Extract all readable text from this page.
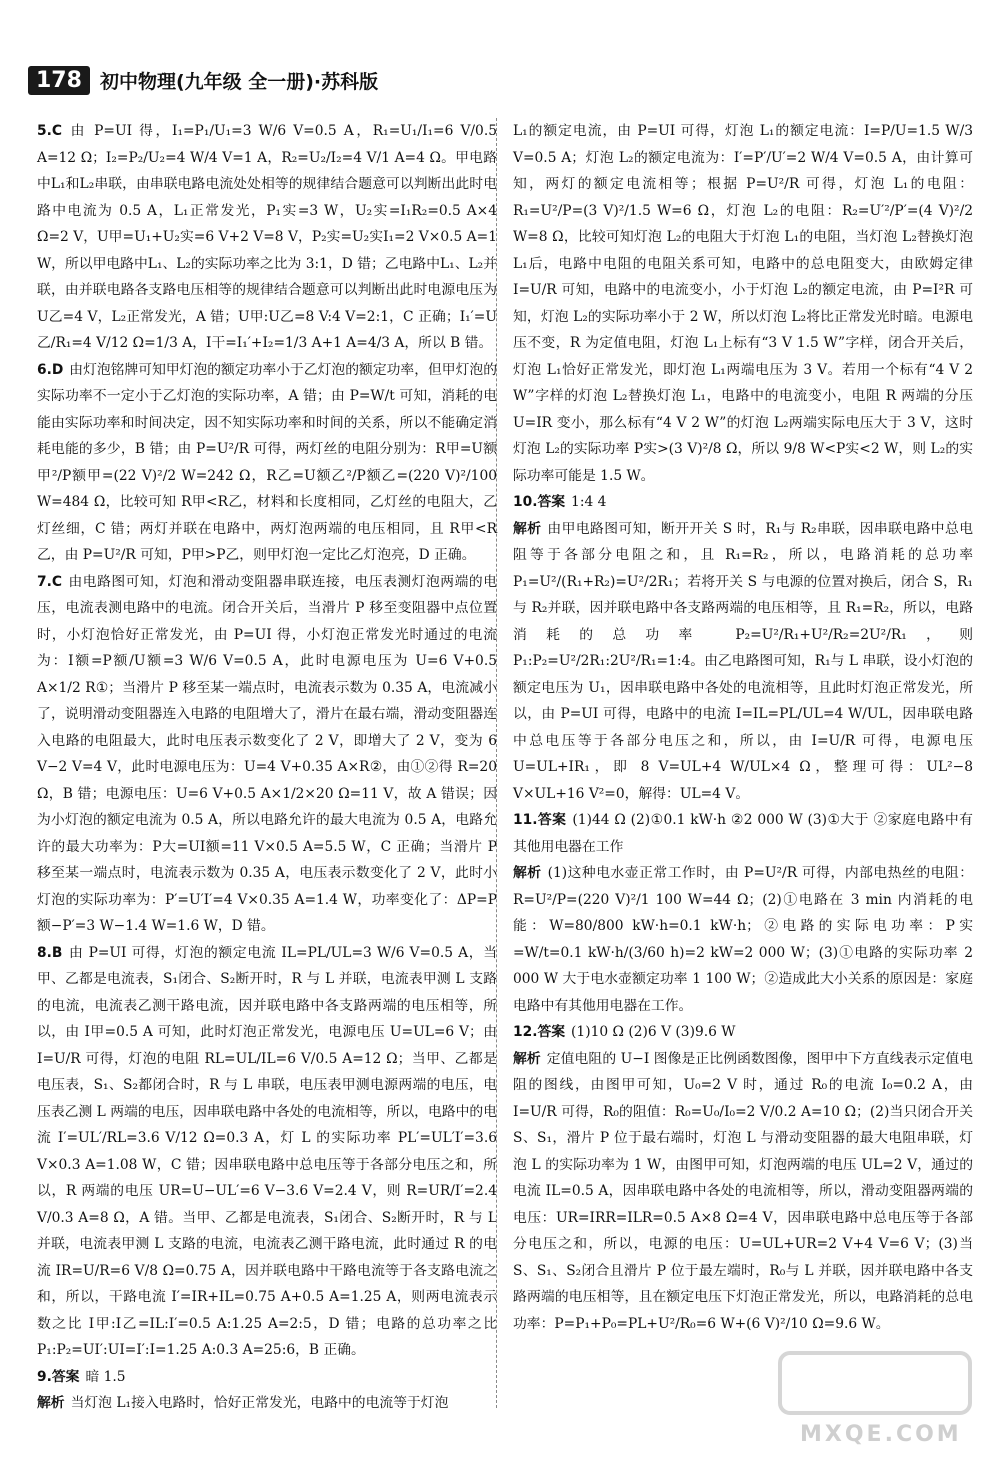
178 初中物理(九年级 全一册)·苏科版

5.C 由 P=UI 得，I₁=P₁/U₁=3 W/6 V=0.5 A，R₁=U₁/I₁=6 V/0.5 A=12 Ω；I₂=P₂/U₂=4 W/4 V=1 A，R₂=U₂/I₂=4 V/1 A=4 Ω。甲电路中L₁和L₂串联，由串联电路电流处处相等的规律结合题意可以判断出此时电路中电流为 0.5 A，L₁正常发光，P₁实=3 W，U₂实=I₁R₂=0.5 A×4 Ω=2 V，U甲=U₁+U₂实=6 V+2 V=8 V，P₂实=U₂实I₁=2 V×0.5 A=1 W，所以甲电路中L₁、L₂的实际功率之比为 3:1，D 错；乙电路中L₁、L₂并联，由并联电路各支路电压相等的规律结合题意可以判断出此时电源电压为 U乙=4 V，L₂正常发光，A 错；U甲:U乙=8 V:4 V=2:1，C 正确；I₁′=U乙/R₁=4 V/12 Ω=1/3 A，I干=I₁′+I₂=1/3 A+1 A=4/3 A，所以 B 错。

6.D 由灯泡铭牌可知甲灯泡的额定功率小于乙灯泡的额定功率，但甲灯泡的实际功率不一定小于乙灯泡的实际功率，A 错；由 P=W/t 可知，消耗的电能由实际功率和时间决定，因不知实际功率和时间的关系，所以不能确定消耗电能的多少，B 错；由 P=U²/R 可得，两灯丝的电阻分别为：R甲=U额甲²/P额甲=(22 V)²/2 W=242 Ω，R乙=U额乙²/P额乙=(220 V)²/100 W=484 Ω，比较可知 R甲<R乙，材料和长度相同，乙灯丝的电阻大，乙灯丝细，C 错；两灯并联在电路中，两灯泡两端的电压相同，且 R甲<R乙，由 P=U²/R 可知，P甲>P乙，则甲灯泡一定比乙灯泡亮，D 正确。

7.C 由电路图可知，灯泡和滑动变阻器串联连接，电压表测灯泡两端的电压，电流表测电路中的电流。闭合开关后，当滑片 P 移至变阻器中点位置时，小灯泡恰好正常发光，由 P=UI 得，小灯泡正常发光时通过的电流为：I额=P额/U额=3 W/6 V=0.5 A，此时电源电压为 U=6 V+0.5 A×1/2 R①；当滑片 P 移至某一端点时，电流表示数为 0.35 A，电流减小了，说明滑动变阻器连入电路的电阻增大了，滑片在最右端，滑动变阻器连入电路的电阻最大，此时电压表示数变化了 2 V，即增大了 2 V，变为 6 V−2 V=4 V，此时电源电压为：U=4 V+0.35 A×R②，由①②得 R=20 Ω，B 错；电源电压：U=6 V+0.5 A×1/2×20 Ω=11 V，故 A 错误；因为小灯泡的额定电流为 0.5 A，所以电路允许的最大电流为 0.5 A，电路允许的最大功率为：P大=UI额=11 V×0.5 A=5.5 W，C 正确；当滑片 P 移至某一端点时，电流表示数为 0.35 A，电压表示数变化了 2 V，此时小灯泡的实际功率为：P′=U′I′=4 V×0.35 A=1.4 W，功率变化了：ΔP=P额−P′=3 W−1.4 W=1.6 W，D 错。

8.B 由 P=UI 可得，灯泡的额定电流 IL=PL/UL=3 W/6 V=0.5 A，当甲、乙都是电流表，S₁闭合、S₂断开时，R 与 L 并联，电流表甲测 L 支路的电流，电流表乙测干路电流，因并联电路中各支路两端的电压相等，所以，由 I甲=0.5 A 可知，此时灯泡正常发光，电源电压 U=UL=6 V；由 I=U/R 可得，灯泡的电阻 RL=UL/IL=6 V/0.5 A=12 Ω；当甲、乙都是电压表，S₁、S₂都闭合时，R 与 L 串联，电压表甲测电源两端的电压，电压表乙测 L 两端的电压，因串联电路中各处的电流相等，所以，电路中的电流 I′=UL′/RL=3.6 V/12 Ω=0.3 A，灯 L 的实际功率 PL′=UL′I′=3.6 V×0.3 A=1.08 W，C 错；因串联电路中总电压等于各部分电压之和，所以，R 两端的电压 UR=U−UL′=6 V−3.6 V=2.4 V，则 R=UR/I′=2.4 V/0.3 A=8 Ω，A 错。当甲、乙都是电流表，S₁闭合、S₂断开时，R 与 L 并联，电流表甲测 L 支路的电流，电流表乙测干路电流，此时通过 R 的电流 IR=U/R=6 V/8 Ω=0.75 A，因并联电路中干路电流等于各支路电流之和，所以，干路电流 I′=IR+IL=0.75 A+0.5 A=1.25 A，则两电流表示数之比 I甲:I乙=IL:I′=0.5 A:1.25 A=2:5，D 错；电路的总功率之比 P₁:P₂=UI′:UI=I′:I=1.25 A:0.3 A=25:6，B 正确。

9.答案 暗 1.5

解析 当灯泡 L₁接入电路时，恰好正常发光，电路中的电流等于灯泡

L₁的额定电流，由 P=UI 可得，灯泡 L₁的额定电流：I=P/U=1.5 W/3 V=0.5 A；灯泡 L₂的额定电流为：I′=P′/U′=2 W/4 V=0.5 A，由计算可知，两灯的额定电流相等；根据 P=U²/R 可得，灯泡 L₁的电阻：R₁=U²/P=(3 V)²/1.5 W=6 Ω，灯泡 L₂的电阻：R₂=U′²/P′=(4 V)²/2 W=8 Ω，比较可知灯泡 L₂的电阻大于灯泡 L₁的电阻，当灯泡 L₂替换灯泡 L₁后，电路中电阻的电阻关系可知，电路中的总电阻变大，由欧姆定律 I=U/R 可知，电路中的电流变小，小于灯泡 L₂的额定电流，由 P=I²R 可知，灯泡 L₂的实际功率小于 2 W，所以灯泡 L₂将比正常发光时暗。电源电压不变，R 为定值电阻，灯泡 L₁上标有“3 V 1.5 W”字样，闭合开关后，灯泡 L₁恰好正常发光，即灯泡 L₁两端电压为 3 V。若用一个标有“4 V 2 W”字样的灯泡 L₂替换灯泡 L₁，电路中的电流变小，电阻 R 两端的分压 U=IR 变小，那么标有“4 V 2 W”的灯泡 L₂两端实际电压大于 3 V，这时灯泡 L₂的实际功率 P实>(3 V)²/8 Ω，所以 9/8 W<P实<2 W，则 L₂的实际功率可能是 1.5 W。

10.答案 1:4 4

解析 由甲电路图可知，断开开关 S 时，R₁与 R₂串联，因串联电路中总电阻等于各部分电阻之和，且 R₁=R₂，所以，电路消耗的总功率 P₁=U²/(R₁+R₂)=U²/2R₁；若将开关 S 与电源的位置对换后，闭合 S，R₁与 R₂并联，因并联电路中各支路两端的电压相等，且 R₁=R₂，所以，电路消耗的总功率 P₂=U²/R₁+U²/R₂=2U²/R₁，则 P₁:P₂=U²/2R₁:2U²/R₁=1:4。由乙电路图可知，R₁与 L 串联，设小灯泡的额定电压为 U₁，因串联电路中各处的电流相等，且此时灯泡正常发光，所以，由 P=UI 可得，电路中的电流 I=IL=PL/UL=4 W/UL，因串联电路中总电压等于各部分电压之和，所以，由 I=U/R 可得，电源电压 U=UL+IR₁，即 8 V=UL+4 W/UL×4 Ω，整理可得：UL²−8 V×UL+16 V²=0，解得：UL=4 V。

11.答案 (1)44 Ω (2)①0.1 kW·h ②2 000 W (3)①大于 ②家庭电路中有其他用电器在工作

解析 (1)这种电水壶正常工作时，由 P=U²/R 可得，内部电热丝的电阻：R=U²/P=(220 V)²/1 100 W=44 Ω；(2)①电路在 3 min 内消耗的电能：W=80/800 kW·h=0.1 kW·h；②电路的实际电功率：P实=W/t=0.1 kW·h/(3/60 h)=2 kW=2 000 W；(3)①电路的实际功率 2 000 W 大于电水壶额定功率 1 100 W；②造成此大小关系的原因是：家庭电路中有其他用电器在工作。

12.答案 (1)10 Ω (2)6 V (3)9.6 W

解析 定值电阻的 U−I 图像是正比例函数图像，图甲中下方直线表示定值电阻的图线，由图甲可知，U₀=2 V 时，通过 R₀的电流 I₀=0.2 A，由 I=U/R 可得，R₀的阻值：R₀=U₀/I₀=2 V/0.2 A=10 Ω；(2)当只闭合开关 S、S₁，滑片 P 位于最右端时，灯泡 L 与滑动变阻器的最大电阻串联，灯泡 L 的实际功率为 1 W，由图甲可知，灯泡两端的电压 UL=2 V，通过的电流 IL=0.5 A，因串联电路中各处的电流相等，所以，滑动变阻器两端的电压：UR=IRR=ILR=0.5 A×8 Ω=4 V，因串联电路中总电压等于各部分电压之和，所以，电源的电压：U=UL+UR=2 V+4 V=6 V；(3)当 S、S₁、S₂闭合且滑片 P 位于最左端时，R₀与 L 并联，因并联电路中各支路两端的电压相等，且在额定电压下灯泡正常发光，所以，电路消耗的总电功率：P=P₁+P₀=PL+U²/R₀=6 W+(6 V)²/10 Ω=9.6 W。

MXQE.COM
